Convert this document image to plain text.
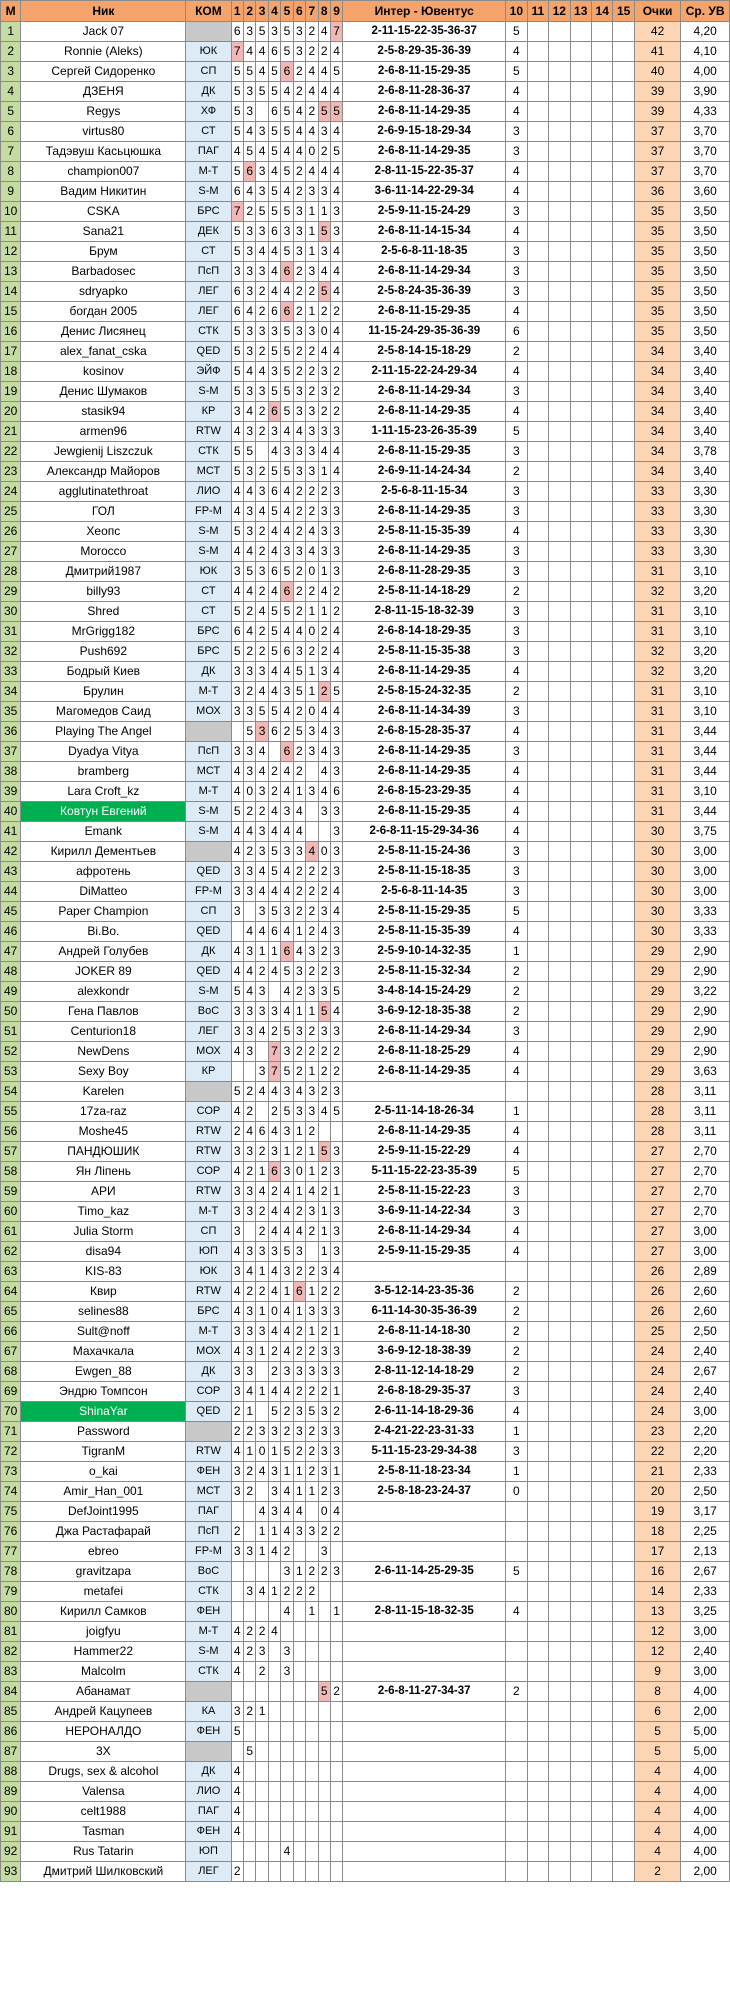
М	Ник	КОМ	1	2	3	4	5	6	7	8	9	Интер - Ювентус	10	11	12	13	14	15	Очки	Ср. УВ
1	Jack 07		6	3	5	3	5	3	2	4	7	2-11-15-22-35-36-37	5						42	4,20
2	Ronnie (Aleks)	ЮК	7	4	4	6	5	3	2	2	4	2-5-8-29-35-36-39	4						41	4,10
3	Сергей Сидоренко	СП	5	5	4	5	6	2	4	4	5	2-6-8-11-15-29-35	5						40	4,00
4	ДЗЕНЯ	ДК	5	3	5	5	4	2	4	4	4	2-6-8-11-28-36-37	4						39	3,90
5	Regys	ХФ	5	3		6	5	4	2	5	5	2-6-8-11-14-29-35	4						39	4,33
6	virtus80	СТ	5	4	3	5	5	4	4	3	4	2-6-9-15-18-29-34	3						37	3,70
7	Тадэвуш Касьцюшка	ПАГ	4	5	4	5	4	4	0	2	5	2-6-8-11-14-29-35	3						37	3,70
8	champion007	М-Т	5	6	3	4	5	2	4	4	4	2-8-11-15-22-35-37	4						37	3,70
9	Вадим Никитин	S-M	6	4	3	5	4	2	3	3	4	3-6-11-14-22-29-34	4						36	3,60
10	CSKA	БРС	7	2	5	5	5	3	1	1	3	2-5-9-11-15-24-29	3						35	3,50
11	Sana21	ДЕК	5	3	3	6	3	3	1	5	3	2-6-8-11-14-15-34	4						35	3,50
12	Брум	СТ	5	3	4	4	5	3	1	3	4	2-5-6-8-11-18-35	3						35	3,50
13	Barbadosec	ПсП	3	3	3	4	6	2	3	4	4	2-6-8-11-14-29-34	3						35	3,50
14	sdryapko	ЛЕГ	6	3	2	4	4	2	2	5	4	2-5-8-24-35-36-39	3						35	3,50
15	богдан 2005	ЛЕГ	6	4	2	6	6	2	1	2	2	2-6-8-11-15-29-35	4						35	3,50
16	Денис Лисянец	СТК	5	3	3	3	5	3	3	0	4	11-15-24-29-35-36-39	6						35	3,50
17	alex_fanat_cska	QED	5	3	2	5	5	2	2	4	4	2-5-8-14-15-18-29	2						34	3,40
18	kosinov	ЭЙФ	5	4	4	3	5	2	2	3	2	2-11-15-22-24-29-34	4						34	3,40
19	Денис Шумаков	S-M	5	3	3	5	5	3	2	3	2	2-6-8-11-14-29-34	3						34	3,40
20	stasik94	КР	3	4	2	6	5	3	3	2	2	2-6-8-11-14-29-35	4						34	3,40
21	armen96	RTW	4	3	2	3	4	4	3	3	3	1-11-15-23-26-35-39	5						34	3,40
22	Jewgienij Liszczuk	СТК	5	5		4	3	3	3	4	4	2-6-8-11-15-29-35	3						34	3,78
23	Александр Майоров	МСТ	5	3	2	5	5	3	3	1	4	2-6-9-11-14-24-34	2						34	3,40
24	agglutinatethroat	ЛИО	4	4	3	6	4	2	2	2	3	2-5-6-8-11-15-34	3						33	3,30
25	ГОЛ	FP-M	4	3	4	5	4	2	2	3	3	2-6-8-11-14-29-35	3						33	3,30
26	Хеопс	S-M	5	3	2	4	4	2	4	3	3	2-5-8-11-15-35-39	4						33	3,30
27	Morocco	S-M	4	4	2	4	3	3	4	3	3	2-6-8-11-14-29-35	3						33	3,30
28	Дмитрий1987	ЮК	3	5	3	6	5	2	0	1	3	2-6-8-11-28-29-35	3						31	3,10
29	billy93	СТ	4	4	2	4	6	2	2	4	2	2-5-8-11-14-18-29	2						32	3,20
30	Shred	СТ	5	2	4	5	5	2	1	1	2	2-8-11-15-18-32-39	3						31	3,10
31	MrGrigg182	БРС	6	4	2	5	4	4	0	2	4	2-6-8-14-18-29-35	3						31	3,10
32	Push692	БРС	5	2	2	5	6	3	2	2	4	2-5-8-11-15-35-38	3						32	3,20
33	Бодрый Киев	ДК	3	3	3	4	4	5	1	3	4	2-6-8-11-14-29-35	4						32	3,20
34	Брулин	М-Т	3	2	4	4	3	5	1	2	5	2-5-8-15-24-32-35	2						31	3,10
35	Магомедов Саид	МОХ	3	3	5	5	4	2	0	4	4	2-6-8-11-14-34-39	3						31	3,10
36	Playing The Angel			5	3	6	2	5	3	4	3	2-6-8-15-28-35-37	4						31	3,44
37	Dyadya Vitya	ПсП	3	3	4		6	2	3	4	3	2-6-8-11-14-29-35	3						31	3,44
38	bramberg	МСТ	4	3	4	2	4	2		4	3	2-6-8-11-14-29-35	4						31	3,44
39	Lara Croft_kz	М-Т	4	0	3	2	4	1	3	4	6	2-6-8-15-23-29-35	4						31	3,10
40	Ковтун Евгений	S-M	5	2	2	4	3	4		3	3	2-6-8-11-15-29-35	4						31	3,44
41	Emank	S-M	4	4	3	4	4	4			3	2-6-8-11-15-29-34-36	4						30	3,75
42	Кирилл Дементьев		4	2	3	5	3	3	4	0	3	2-5-8-11-15-24-36	3						30	3,00
43	афротень	QED	3	3	4	5	4	2	2	2	3	2-5-8-11-15-18-35	3						30	3,00
44	DiMatteo	FP-M	3	3	4	4	4	2	2	2	4	2-5-6-8-11-14-35	3						30	3,00
45	Paper Champion	СП	3		3	5	3	2	2	3	4	2-5-8-11-15-29-35	5						30	3,33
46	Bi.Bo.	QED		4	4	6	4	1	2	4	3	2-5-8-11-15-35-39	4						30	3,33
47	Андрей Голубев	ДК	4	3	1	1	6	4	3	2	3	2-5-9-10-14-32-35	1						29	2,90
48	JOKER 89	QED	4	4	2	4	5	3	2	2	3	2-5-8-11-15-32-34	2						29	2,90
49	alexkondr	S-M	5	4	3		4	2	3	3	5	3-4-8-14-15-24-29	2						29	3,22
50	Гена Павлов	ВоС	3	3	3	3	4	1	1	5	4	3-6-9-12-18-35-38	2						29	2,90
51	Centurion18	ЛЕГ	3	3	4	2	5	3	2	3	3	2-6-8-11-14-29-34	3						29	2,90
52	NewDens	МОХ	4	3		7	3	2	2	2	2	2-6-8-11-18-25-29	4						29	2,90
53	Sexy Boy	КР			3	7	5	2	1	2	2	2-6-8-11-14-29-35	4						29	3,63
54	Karelen		5	2	4	4	3	4	3	2	3								28	3,11
55	17za-raz	СОР	4	2		2	5	3	3	4	5	2-5-11-14-18-26-34	1						28	3,11
56	Moshe45	RTW	2	4	6	4	3	1	2			2-6-8-11-14-29-35	4						28	3,11
57	ПАНДЮШИК	RTW	3	3	2	3	1	2	1	5	3	2-5-9-11-15-22-29	4						27	2,70
58	Ян Ліпень	СОР	4	2	1	6	3	0	1	2	3	5-11-15-22-23-35-39	5						27	2,70
59	АРИ	RTW	3	3	4	2	4	1	4	2	1	2-5-8-11-15-22-23	3						27	2,70
60	Timo_kaz	М-Т	3	3	2	4	4	2	3	1	3	3-6-9-11-14-22-34	3						27	2,70
61	Julia Storm	СП	3		2	4	4	4	2	1	3	2-6-8-11-14-29-34	4						27	3,00
62	disa94	ЮП	4	3	3	3	5	3		1	3	2-5-9-11-15-29-35	4						27	3,00
63	KIS-83	ЮК	3	4	1	4	3	2	2	3	4								26	2,89
64	Квир	RTW	4	2	2	4	1	6	1	2	2	3-5-12-14-23-35-36	2						26	2,60
65	selines88	БРС	4	3	1	0	4	1	3	3	3	6-11-14-30-35-36-39	2						26	2,60
66	Sult@noff	М-Т	3	3	3	4	4	2	1	2	1	2-6-8-11-14-18-30	2						25	2,50
67	Махачкала	МОХ	4	3	1	2	4	2	2	3	3	3-6-9-12-18-38-39	2						24	2,40
68	Ewgen_88	ДК	3	3		2	3	3	3	3	3	2-8-11-12-14-18-29	2						24	2,67
69	Эндрю Томпсон	СОР	3	4	1	4	4	2	2	2	1	2-6-8-18-29-35-37	3						24	2,40
70	ShinaYar	QED	2	1		5	2	3	5	3	2	2-6-11-14-18-29-36	4						24	3,00
71	Password		2	2	3	3	2	3	2	3	3	2-4-21-22-23-31-33	1						23	2,20
72	TigranM	RTW	4	1	0	1	5	2	2	3	3	5-11-15-23-29-34-38	3						22	2,20
73	o_kai	ФЕН	3	2	4	3	1	1	2	3	1	2-5-8-11-18-23-34	1						21	2,33
74	Amir_Han_001	МСТ	3	2		3	4	1	1	2	3	2-5-8-18-23-24-37	0						20	2,50
75	DefJoint1995	ПАГ			4	3	4	4		0	4								19	3,17
76	Джа Растафарай	ПсП	2		1	1	4	3	3	2	2								18	2,25
77	ebreo	FP-M	3	3	1	4	2			3									17	2,13
78	gravitzapa	ВоС					3	1	2	2	3	2-6-11-14-25-29-35	5						16	2,67
79	metafei	СТК		3	4	1	2	2	2										14	2,33
80	Кирилл Самков	ФЕН					4		1		1	2-8-11-15-18-32-35	4						13	3,25
81	joigfyu	М-Т	4	2	2	4													12	3,00
82	Hammer22	S-M	4	2	3		3												12	2,40
83	Malcolm	СТК	4		2		3												9	3,00
84	Абанамат									5	2	2-6-8-11-27-34-37	2						8	4,00
85	Андрей Кацупеев	КА	3	2	1														6	2,00
86	НЕРОНАЛДО	ФЕН	5																5	5,00
87	3Х			5															5	5,00
88	Drugs, sex & alcohol	ДК	4																4	4,00
89	Valensa	ЛИО	4																4	4,00
90	celt1988	ПАГ	4																4	4,00
91	Tasman	ФЕН	4																4	4,00
92	Rus Tatarin	ЮП					4												4	4,00
93	Дмитрий Шилковский	ЛЕГ	2																2	2,00
